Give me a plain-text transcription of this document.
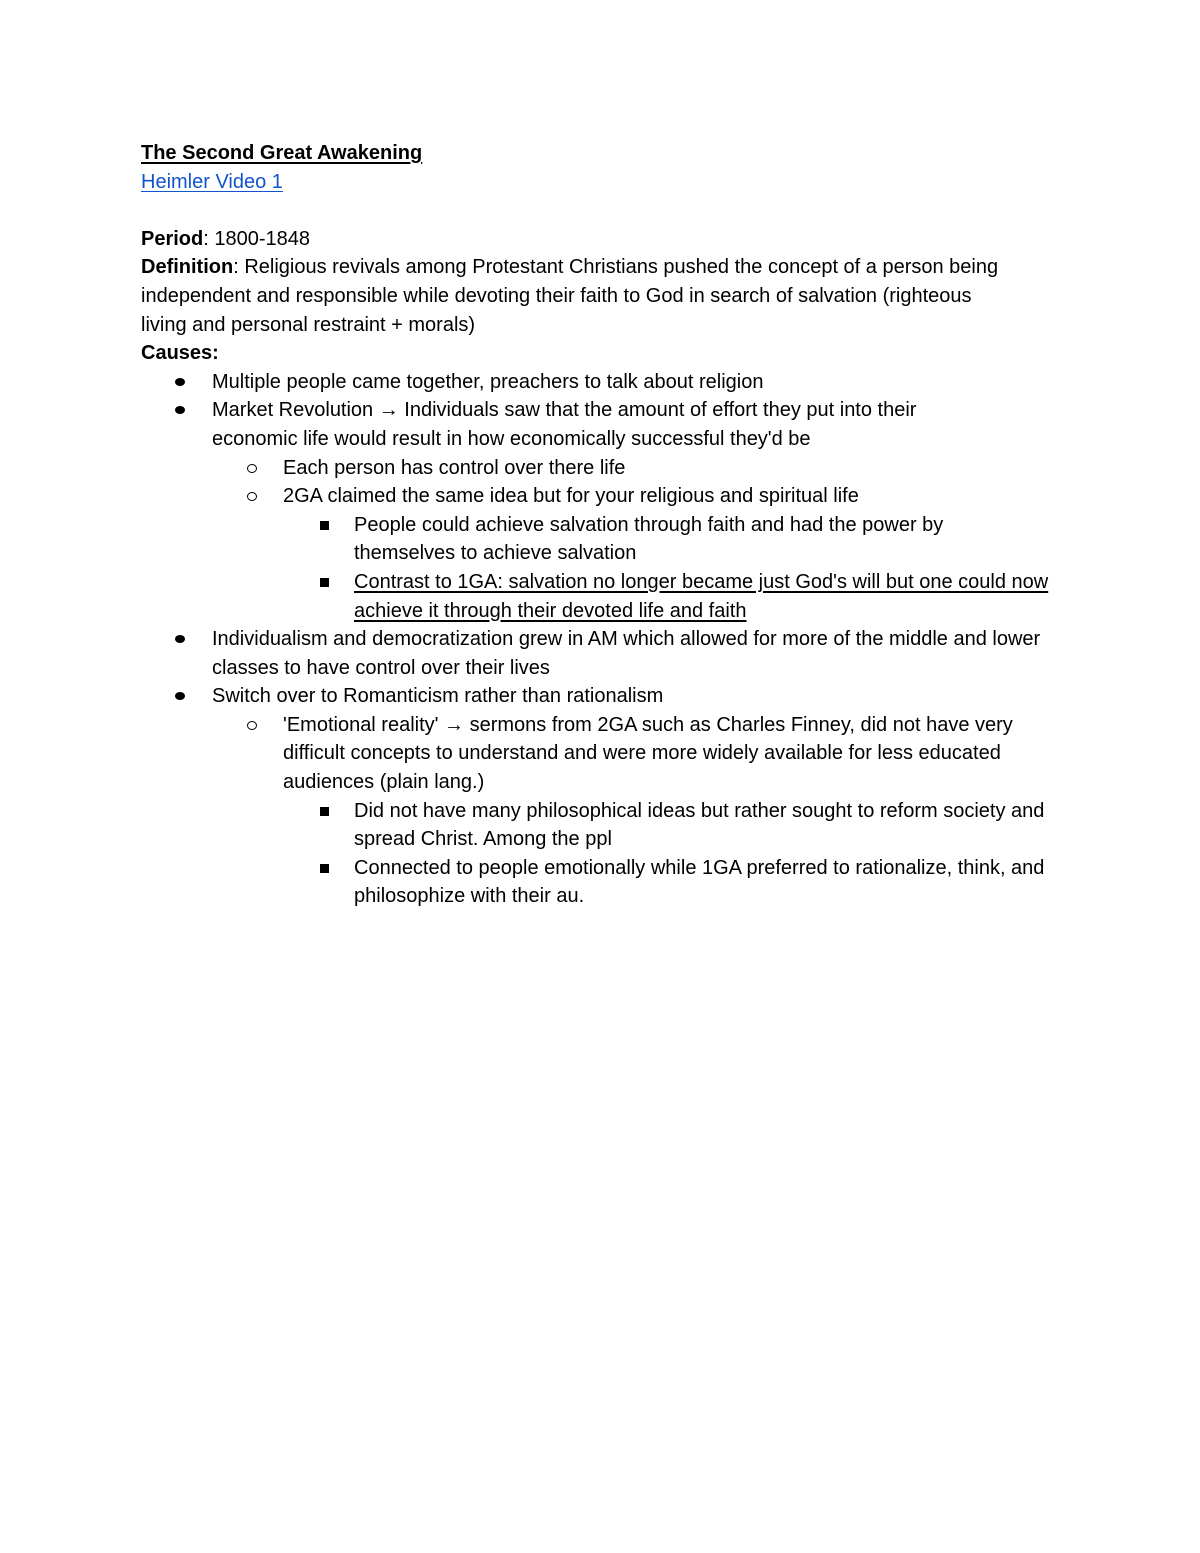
The Second Great Awakening

Heimler Video 1

Period: 1800-1848

Definition: Religious revivals among Protestant Christians pushed the concept of a person being independent and responsible while devoting their faith to God in search of salvation (righteous living and personal restraint + morals)

Causes:

Multiple people came together, preachers to talk about religion
Market Revolution → Individuals saw that the amount of effort they put into their economic life would result in how economically successful they'd be
Each person has control over there life
2GA claimed the same idea but for your religious and spiritual life
People could achieve salvation through faith and had the power by themselves to achieve salvation
Contrast to 1GA: salvation no longer became just God's will but one could now achieve it through their devoted life and faith
Individualism and democratization grew in AM which allowed for more of the middle and lower classes to have control over their lives
Switch over to Romanticism rather than rationalism
'Emotional reality' → sermons from 2GA such as Charles Finney, did not have very difficult concepts to understand and were more widely available for less educated audiences (plain lang.)
Did not have many philosophical ideas but rather sought to reform society and spread Christ. Among the ppl
Connected to people emotionally while 1GA preferred to rationalize, think, and philosophize with their au.
